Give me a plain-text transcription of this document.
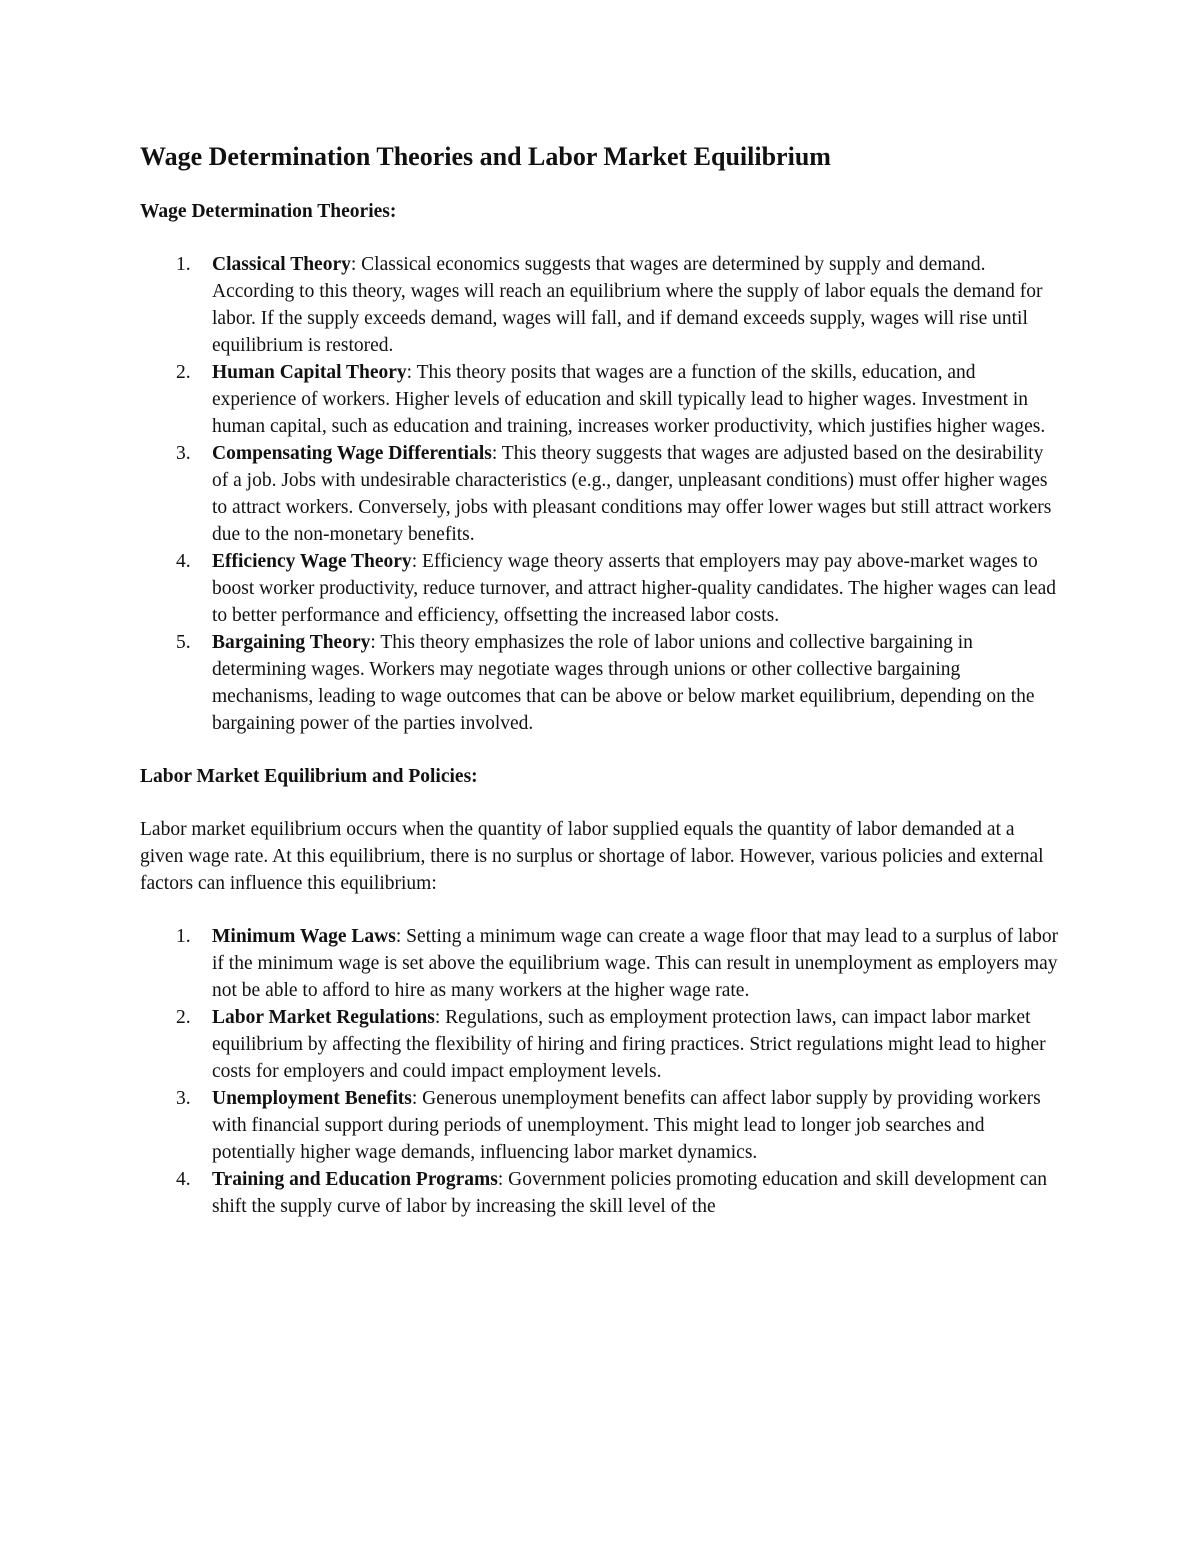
Wage Determination Theories and Labor Market Equilibrium
Wage Determination Theories:
1. Classical Theory: Classical economics suggests that wages are determined by supply and demand. According to this theory, wages will reach an equilibrium where the supply of labor equals the demand for labor. If the supply exceeds demand, wages will fall, and if demand exceeds supply, wages will rise until equilibrium is restored.
2. Human Capital Theory: This theory posits that wages are a function of the skills, education, and experience of workers. Higher levels of education and skill typically lead to higher wages. Investment in human capital, such as education and training, increases worker productivity, which justifies higher wages.
3. Compensating Wage Differentials: This theory suggests that wages are adjusted based on the desirability of a job. Jobs with undesirable characteristics (e.g., danger, unpleasant conditions) must offer higher wages to attract workers. Conversely, jobs with pleasant conditions may offer lower wages but still attract workers due to the non-monetary benefits.
4. Efficiency Wage Theory: Efficiency wage theory asserts that employers may pay above-market wages to boost worker productivity, reduce turnover, and attract higher-quality candidates. The higher wages can lead to better performance and efficiency, offsetting the increased labor costs.
5. Bargaining Theory: This theory emphasizes the role of labor unions and collective bargaining in determining wages. Workers may negotiate wages through unions or other collective bargaining mechanisms, leading to wage outcomes that can be above or below market equilibrium, depending on the bargaining power of the parties involved.
Labor Market Equilibrium and Policies:

Labor market equilibrium occurs when the quantity of labor supplied equals the quantity of labor demanded at a given wage rate. At this equilibrium, there is no surplus or shortage of labor. However, various policies and external factors can influence this equilibrium:

1. Minimum Wage Laws: Setting a minimum wage can create a wage floor that may lead to a surplus of labor if the minimum wage is set above the equilibrium wage. This can result in unemployment as employers may not be able to afford to hire as many workers at the higher wage rate.
2. Labor Market Regulations: Regulations, such as employment protection laws, can impact labor market equilibrium by affecting the flexibility of hiring and firing practices. Strict regulations might lead to higher costs for employers and could impact employment levels.
3. Unemployment Benefits: Generous unemployment benefits can affect labor supply by providing workers with financial support during periods of unemployment. This might lead to longer job searches and potentially higher wage demands, influencing labor market dynamics.
4. Training and Education Programs: Government policies promoting education and skill development can shift the supply curve of labor by increasing the skill level of the
